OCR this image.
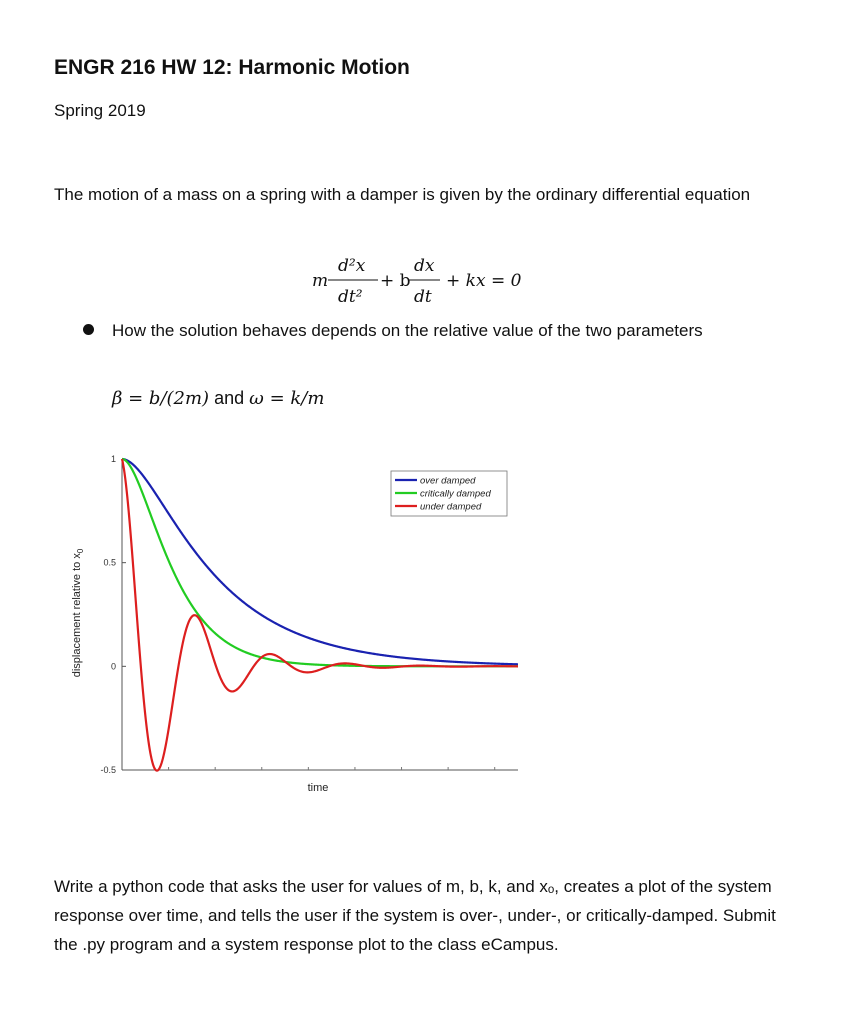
ENGR 216 HW 12: Harmonic Motion
Spring 2019
The motion of a mass on a spring with a damper is given by the ordinary differential equation
m
d²x
dt²
+ b
dx
dt
+ kx = 0
How the solution behaves depends on the relative value of the two parameters
β = b/(2m) and ω = k/m
1
0.5
0
-0.5
over damped
critically damped
under damped
time
displacement relative to $x_0$
Write a python code that asks the user for values of m, b, k, and xₒ, creates a plot of the system response over time, and tells the user if the system is over-, under-, or critically-damped. Submit the .py program and a system response plot to the class eCampus.
